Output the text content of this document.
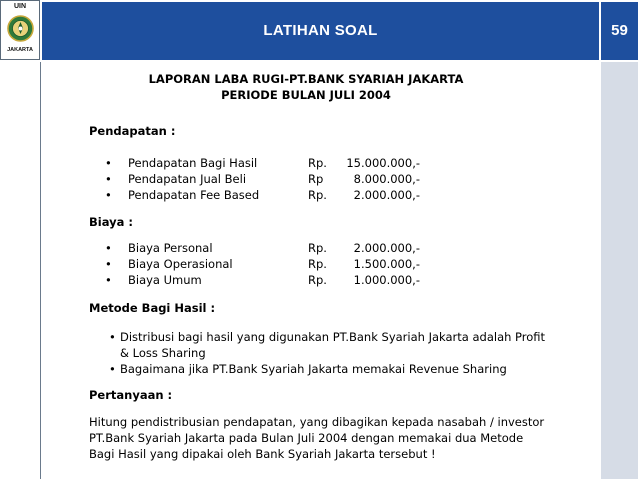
UIN
JAKARTA
LATIHAN SOAL	59
LAPORAN LABA RUGI-PT.BANK SYARIAH JAKARTA
PERIODE BULAN JULI 2004
Pendapatan :
• Pendapatan Bagi Hasil	Rp.	15.000.000,-
• Pendapatan Jual Beli	Rp	8.000.000,-
• Pendapatan Fee Based	Rp.	2.000.000,-
Biaya :
• Biaya Personal	Rp.	2.000.000,-
• Biaya Operasional	Rp.	1.500.000,-
• Biaya Umum	Rp.	1.000.000,-
Metode Bagi Hasil :
• Distribusi bagi hasil yang digunakan PT.Bank Syariah Jakarta adalah Profit
& Loss Sharing
• Bagaimana jika PT.Bank Syariah Jakarta memakai Revenue Sharing
Pertanyaan :
Hitung pendistribusian pendapatan, yang dibagikan kepada nasabah / investor
PT.Bank Syariah Jakarta pada Bulan Juli 2004 dengan memakai dua Metode
Bagi Hasil yang dipakai oleh Bank Syariah Jakarta tersebut !
